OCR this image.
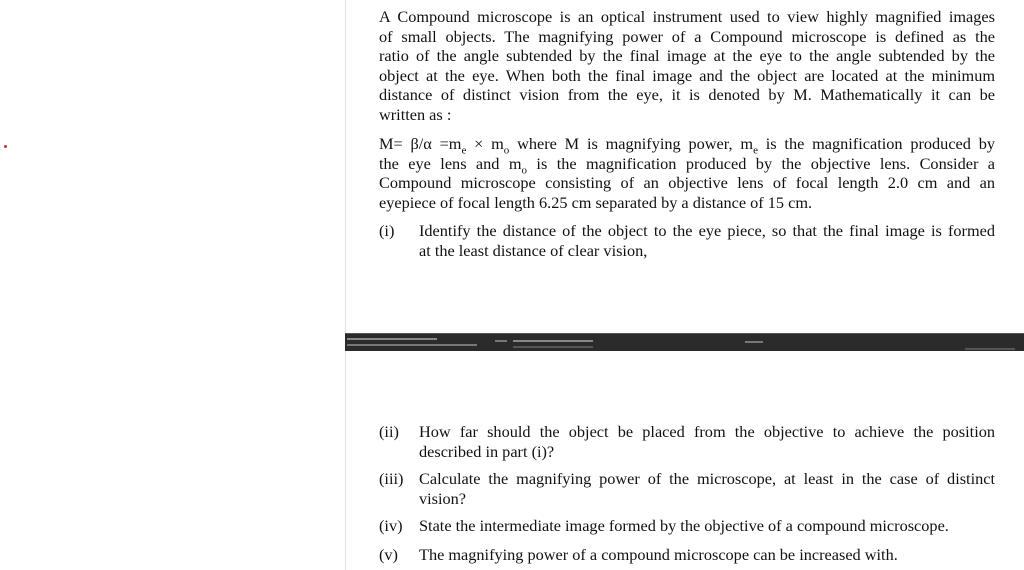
A Compound microscope is an optical instrument used to view highly magnified images
of small objects. The magnifying power of a Compound microscope is defined as the
ratio of the angle subtended by the final image at the eye to the angle subtended by the
object at the eye. When both the final image and the object are located at the minimum
distance of distinct vision from the eye, it is denoted by M. Mathematically it can be
written as :
$M= \beta/\alpha =m_e \times m_o$ where M is magnifying power, $m_e$ is the magnification produced by
the eye lens and $m_o$ is the magnification produced by the objective lens. Consider a
Compound microscope consisting of an objective lens of focal length 2.0 cm and an
eyepiece of focal length 6.25 cm separated by a distance of 15 cm.
(i) Identify the distance of the object to the eye piece, so that the final image is formed
at the least distance of clear vision,
(ii) How far should the object be placed from the objective to achieve the position
described in part (i)?
(iii) Calculate the magnifying power of the microscope, at least in the case of distinct
vision?
(iv) State the intermediate image formed by the objective of a compound microscope.
(v) The magnifying power of a compound microscope can be increased with.
